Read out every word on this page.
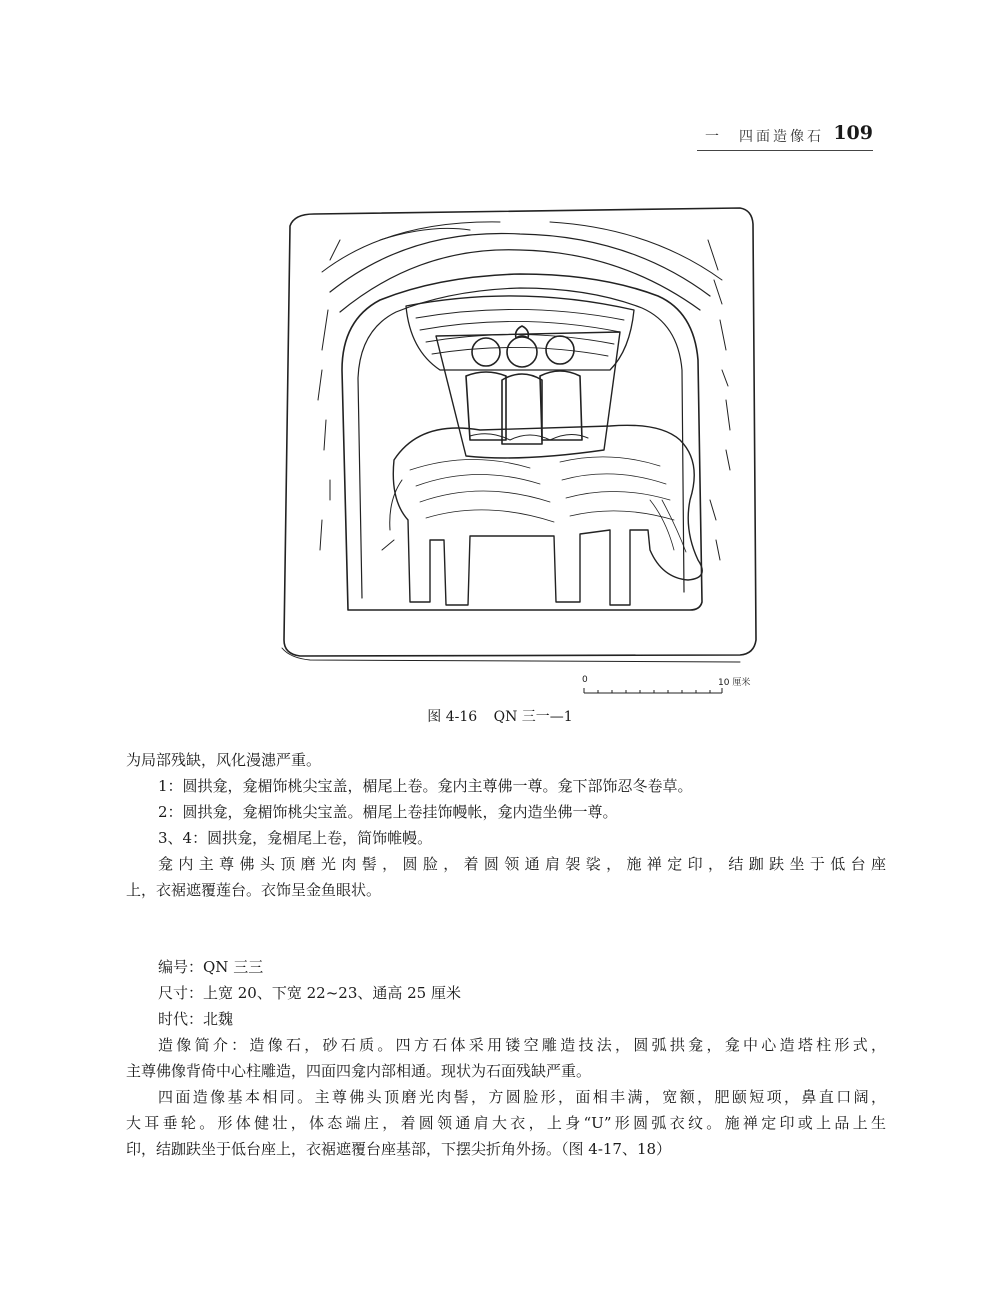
一　四面造像石 109
0	10 厘米
图 4-16 QN 三一—1
为局部残缺，风化漫漶严重。
1：圆拱龛，龛楣饰桃尖宝盖，楣尾上卷。龛内主尊佛一尊。龛下部饰忍冬卷草。
2：圆拱龛，龛楣饰桃尖宝盖。楣尾上卷挂饰幔帐，龛内造坐佛一尊。
3、4：圆拱龛，龛楣尾上卷，简饰帷幔。
龛内主尊佛头顶磨光肉髻，圆脸，着圆领通肩袈裟，施禅定印，结跏趺坐于低台座
上，衣裾遮覆莲台。衣饰呈金鱼眼状。
编号：QN 三三
尺寸：上宽 20、下宽 22~23、通高 25 厘米
时代：北魏
造像简介：造像石，砂石质。四方石体采用镂空雕造技法，圆弧拱龛，龛中心造塔柱形式，
主尊佛像背倚中心柱雕造，四面四龛内部相通。现状为石面残缺严重。
四面造像基本相同。主尊佛头顶磨光肉髻，方圆脸形，面相丰满，宽额，肥颐短项，鼻直口阔，
大耳垂轮。形体健壮，体态端庄，着圆领通肩大衣，上身“U”形圆弧衣纹。施禅定印或上品上生
印，结跏趺坐于低台座上，衣裾遮覆台座基部，下摆尖折角外扬。（图 4-17、18）
